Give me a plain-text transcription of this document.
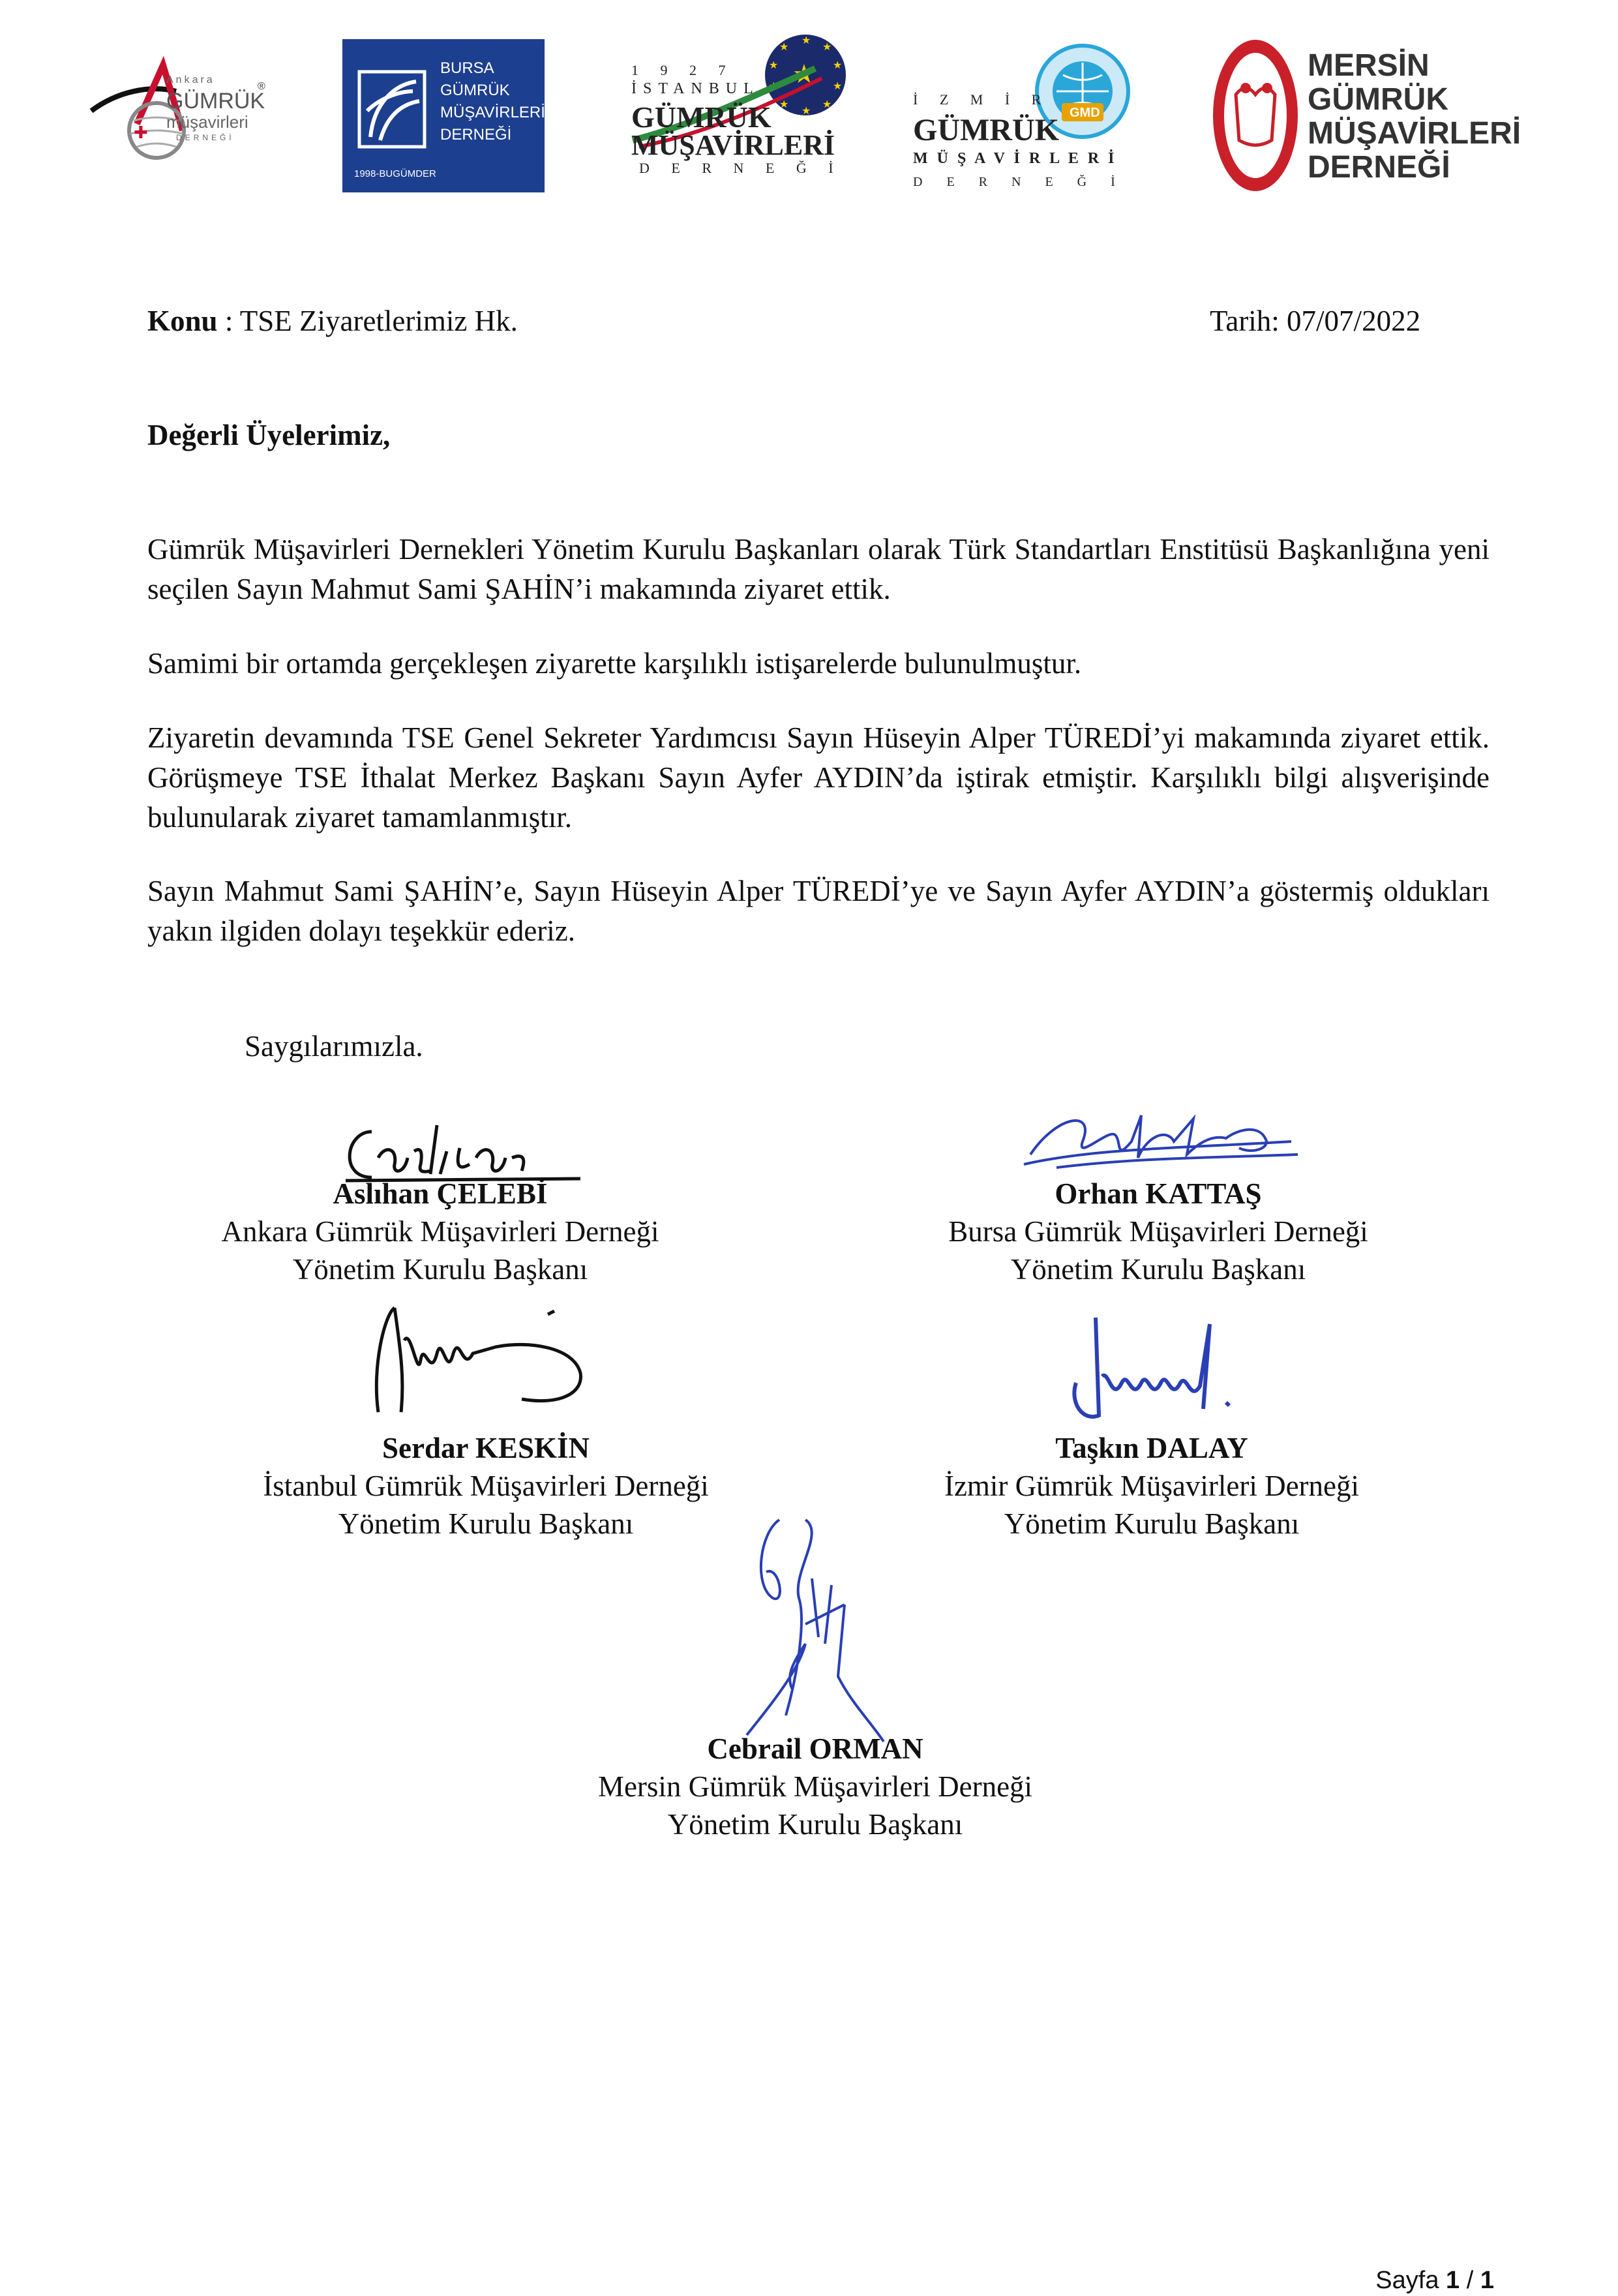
✚
Ankara
GÜMRÜK
müşavirleri
DERNEĞİ
®
BURSA
GÜMRÜK
MÜŞAVİRLERİ
DERNEĞİ
1998-BUGÜMDER
★
★
★
★
★
★
★
★
★
★
★
1 9 2 7
İSTANBUL
GÜMRÜK
MÜŞAVİRLERİ
D E R N E Ğ İ
GMD
İ Z M İ R
GÜMRÜK
M Ü Ş A V İ R L E R İ
D E R N E Ğ İ
MERSİN
GÜMRÜK
MÜŞAVİRLERİ
DERNEĞİ
Konu : TSE Ziyaretlerimiz Hk.	Tarih: 07/07/2022
Değerli Üyelerimiz,
Gümrük Müşavirleri Dernekleri Yönetim Kurulu Başkanları olarak Türk Standartları Enstitüsü Başkanlığına yeni seçilen Sayın Mahmut Sami ŞAHİN’i makamında ziyaret ettik.
Samimi bir ortamda gerçekleşen ziyarette karşılıklı istişarelerde bulunulmuştur.
Ziyaretin devamında TSE Genel Sekreter Yardımcısı Sayın Hüseyin Alper TÜREDİ’yi makamında ziyaret ettik. Görüşmeye TSE İthalat Merkez Başkanı Sayın Ayfer AYDIN’da iştirak etmiştir. Karşılıklı bilgi alışverişinde bulunularak ziyaret tamamlanmıştır.
Sayın Mahmut Sami ŞAHİN’e, Sayın Hüseyin Alper TÜREDİ’ye ve Sayın Ayfer AYDIN’a göstermiş oldukları yakın ilgiden dolayı teşekkür ederiz.
Saygılarımızla.
Aslıhan ÇELEBİ
Ankara Gümrük Müşavirleri Derneği
Yönetim Kurulu Başkanı
Orhan KATTAŞ
Bursa Gümrük Müşavirleri Derneği
Yönetim Kurulu Başkanı
Serdar KESKİN
İstanbul Gümrük Müşavirleri Derneği
Yönetim Kurulu Başkanı
Taşkın DALAY
İzmir Gümrük Müşavirleri Derneği
Yönetim Kurulu Başkanı
Cebrail ORMAN
Mersin Gümrük Müşavirleri Derneği
Yönetim Kurulu Başkanı
Sayfa 1 / 1
